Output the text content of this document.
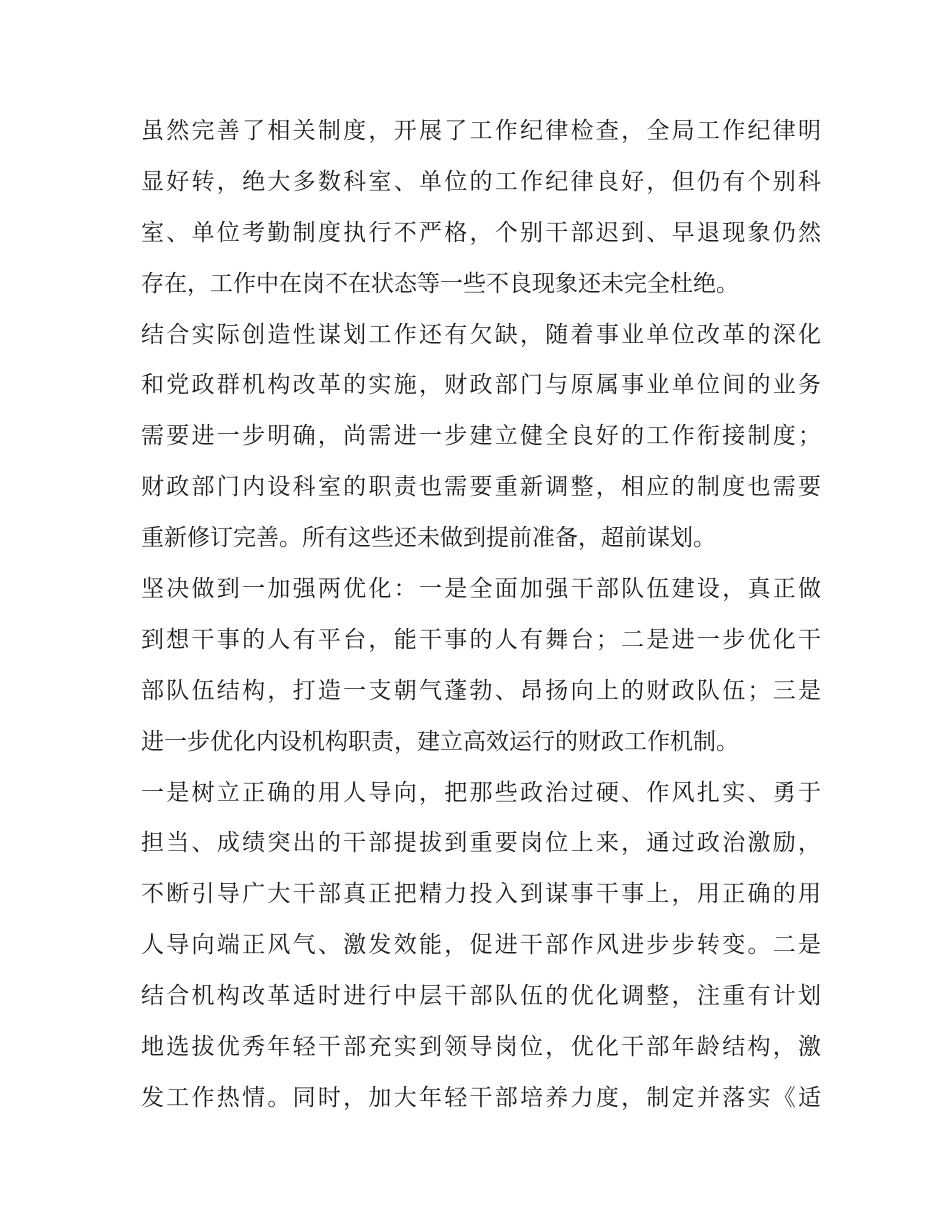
虽然完善了相关制度，开展了工作纪律检查，全局工作纪律明
显好转，绝大多数科室、单位的工作纪律良好，但仍有个别科
室、单位考勤制度执行不严格，个别干部迟到、早退现象仍然
存在，工作中在岗不在状态等一些不良现象还未完全杜绝。
结合实际创造性谋划工作还有欠缺，随着事业单位改革的深化
和党政群机构改革的实施，财政部门与原属事业单位间的业务
需要进一步明确，尚需进一步建立健全良好的工作衔接制度；
财政部门内设科室的职责也需要重新调整，相应的制度也需要
重新修订完善。所有这些还未做到提前准备，超前谋划。
坚决做到一加强两优化：一是全面加强干部队伍建设，真正做
到想干事的人有平台，能干事的人有舞台；二是进一步优化干
部队伍结构，打造一支朝气蓬勃、昂扬向上的财政队伍；三是
进一步优化内设机构职责，建立高效运行的财政工作机制。
一是树立正确的用人导向，把那些政治过硬、作风扎实、勇于
担当、成绩突出的干部提拔到重要岗位上来，通过政治激励，
不断引导广大干部真正把精力投入到谋事干事上，用正确的用
人导向端正风气、激发效能，促进干部作风进步步转变。二是
结合机构改革适时进行中层干部队伍的优化调整，注重有计划
地选拔优秀年轻干部充实到领导岗位，优化干部年龄结构，激
发工作热情。同时，加大年轻干部培养力度，制定并落实《适
